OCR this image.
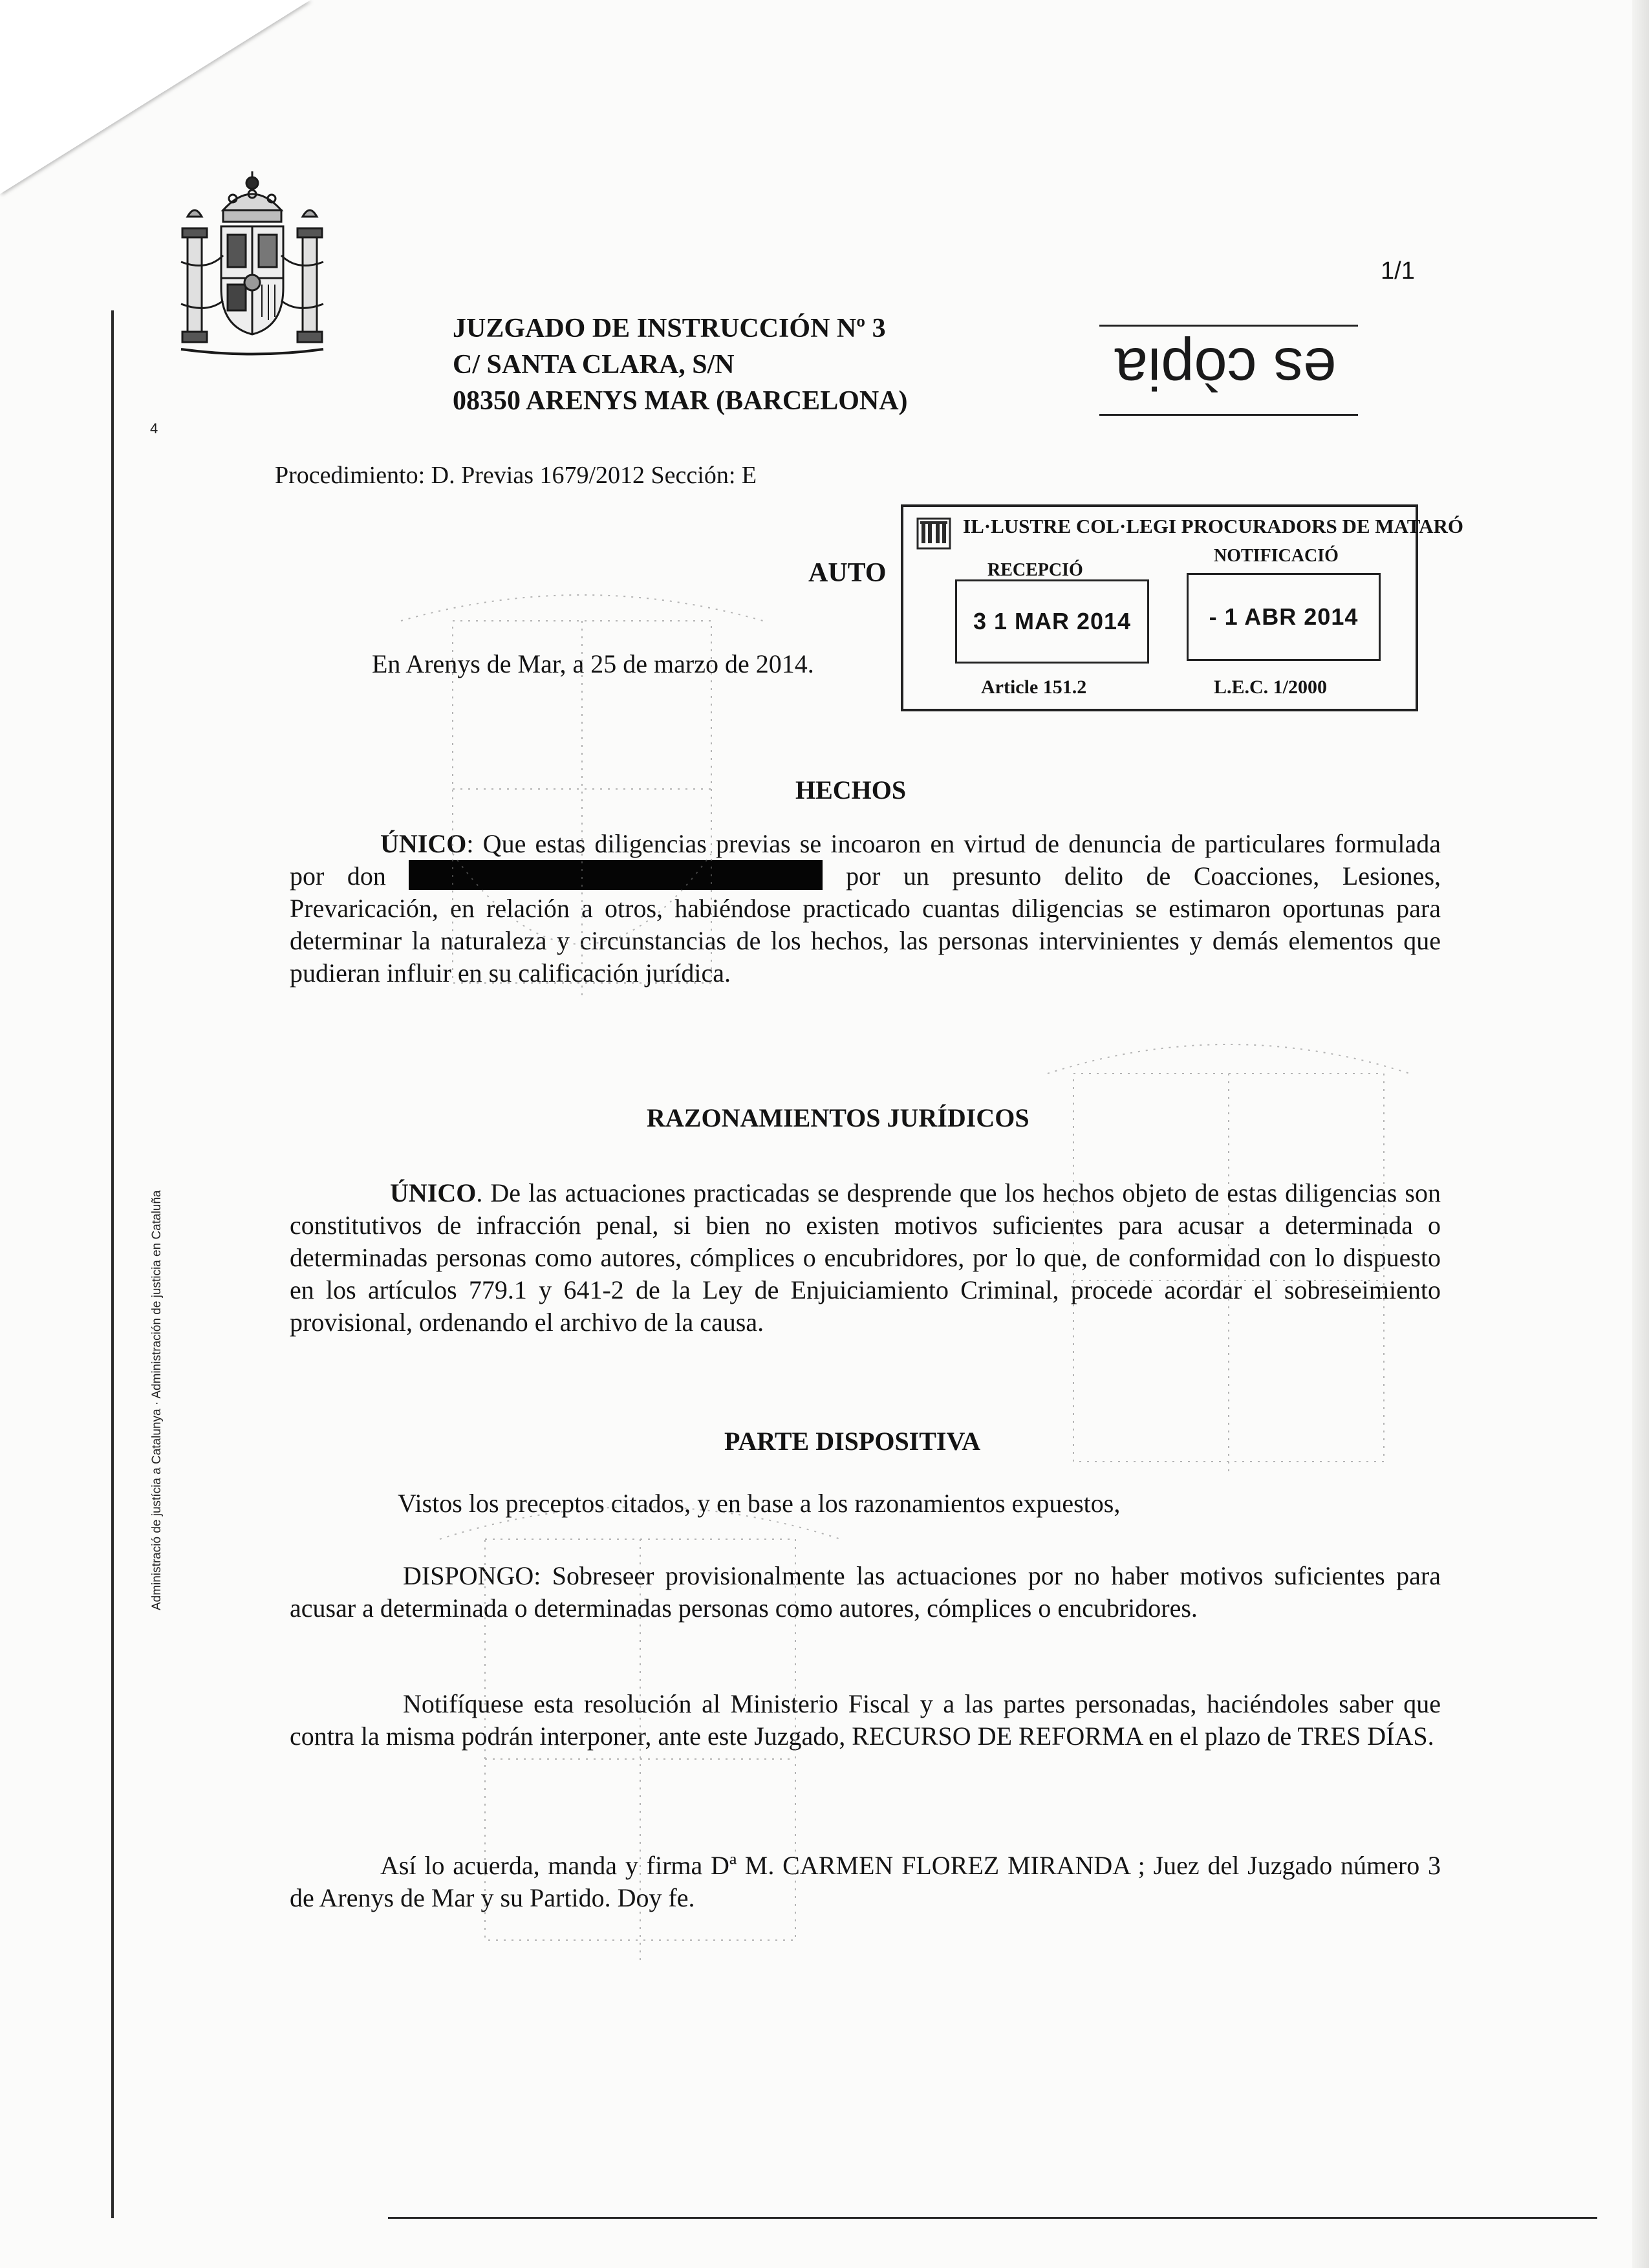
Administració de justícia a Catalunya · Administración de justicia en Cataluña
4
1/1
JUZGADO DE INSTRUCCIÓN Nº 3
C/ SANTA CLARA, S/N
08350 ARENYS MAR (BARCELONA)	es còpia
Procedimiento: D. Previas 1679/2012 Sección: E
IL·LUSTRE COL·LEGI PROCURADORS DE MATARÓ
RECEPCIÓ
NOTIFICACIÓ
3 1 MAR 2014	- 1 ABR 2014
Article 151.2	L.E.C. 1/2000
AUTO
En Arenys de Mar, a 25 de marzo de 2014.
HECHOS
ÚNICO: Que estas diligencias previas se incoaron en virtud de denuncia de particulares formulada por don	por un presunto delito de Coacciones, Lesiones, Prevaricación, en relación a otros, habiéndose practicado cuantas diligencias se estimaron oportunas para determinar la naturaleza y circunstancias de los hechos, las personas intervinientes y demás elementos que pudieran influir en su calificación jurídica.
RAZONAMIENTOS JURÍDICOS
ÚNICO. De las actuaciones practicadas se desprende que los hechos objeto de estas diligencias son constitutivos de infracción penal, si bien no existen motivos suficientes para acusar a determinada o determinadas personas como autores, cómplices o encubridores, por lo que, de conformidad con lo dispuesto en los artículos 779.1 y 641-2 de la Ley de Enjuiciamiento Criminal, procede acordar el sobreseimiento provisional, ordenando el archivo de la causa.
PARTE DISPOSITIVA
Vistos los preceptos citados, y en base a los razonamientos expuestos,
DISPONGO: Sobreseer provisionalmente las actuaciones por no haber motivos suficientes para acusar a determinada o determinadas personas como autores, cómplices o encubridores.
Notifíquese esta resolución al Ministerio Fiscal y a las partes personadas, haciéndoles saber que contra la misma podrán interponer, ante este Juzgado, RECURSO DE REFORMA en el plazo de TRES DÍAS.
Así lo acuerda, manda y firma Dª M. CARMEN FLOREZ MIRANDA ; Juez del Juzgado número 3 de Arenys de Mar y su Partido. Doy fe.
